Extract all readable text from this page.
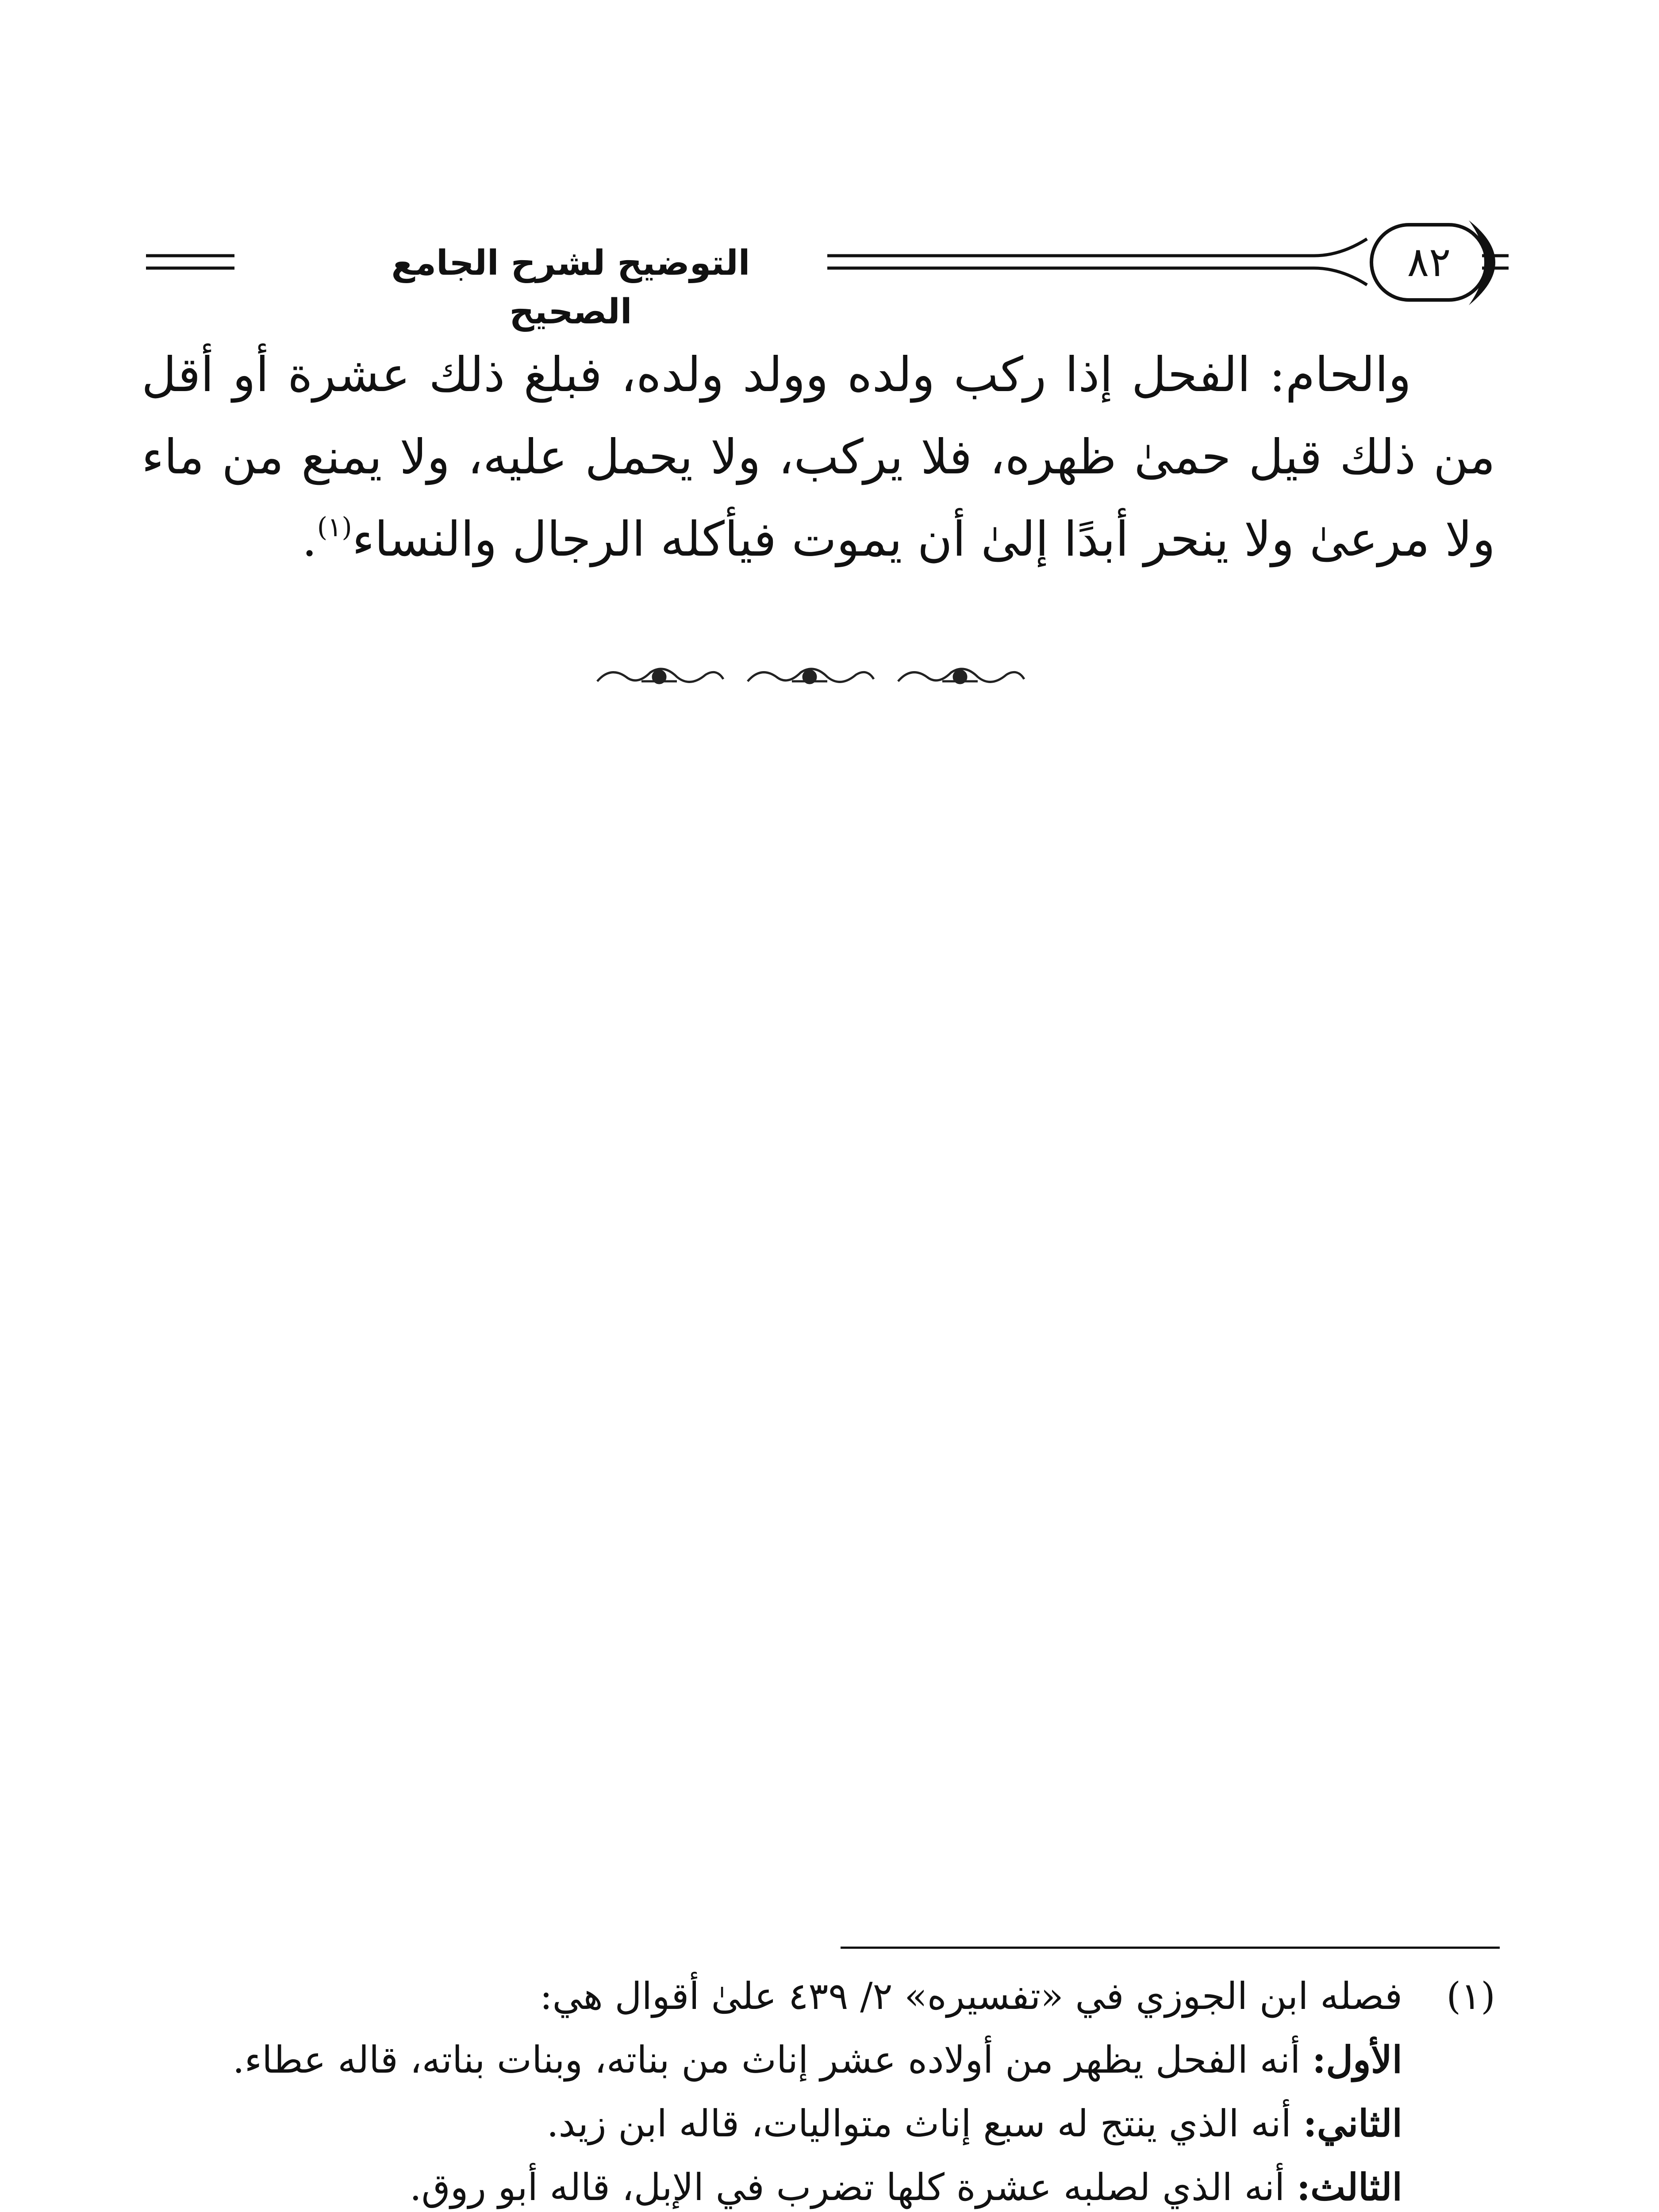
التوضيح لشرح الجامع الصحيح
٨٢
والحام: الفحل إذا ركب ولده وولد ولده، فبلغ ذلك عشرة أو أقل من ذلك قيل حمىٰ ظهره، فلا يركب، ولا يحمل عليه، ولا يمنع من ماء ولا مرعىٰ ولا ينحر أبدًا إلىٰ أن يموت فيأكله الرجال والنساء$^{(١)}$.
(١)فصله ابن الجوزي في «تفسيره» ٢/ ٤٣٩ علىٰ أقوال هي:
الأول: أنه الفحل يظهر من أولاده عشر إناث من بناته، وبنات بناته، قاله عطاء.
الثاني: أنه الذي ينتج له سبع إناث متواليات، قاله ابن زيد.
الثالث: أنه الذي لصلبه عشرة كلها تضرب في الإبل، قاله أبو روق.
